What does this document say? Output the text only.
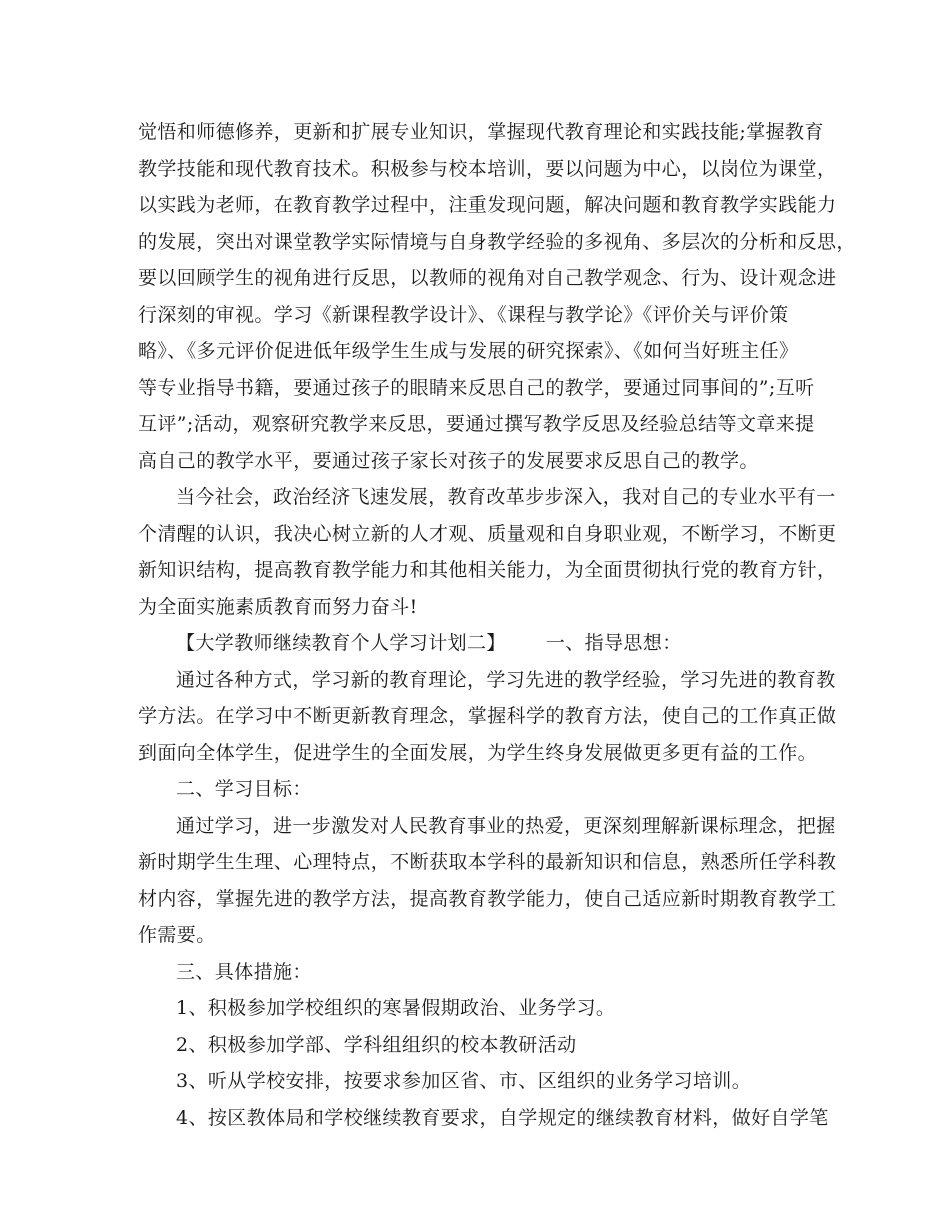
觉悟和师德修养，更新和扩展专业知识，掌握现代教育理论和实践技能;掌握教育
教学技能和现代教育技术。积极参与校本培训，要以问题为中心，以岗位为课堂，
以实践为老师，在教育教学过程中，注重发现问题，解决问题和教育教学实践能力
的发展，突出对课堂教学实际情境与自身教学经验的多视角、多层次的分析和反思，
要以回顾学生的视角进行反思，以教师的视角对自己教学观念、行为、设计观念进
行深刻的审视。学习《新课程教学设计》、《课程与教学论》《评价关与评价策
略》、《多元评价促进低年级学生生成与发展的研究探索》、《如何当好班主任》
等专业指导书籍，要通过孩子的眼睛来反思自己的教学，要通过同事间的”;互听
互评”;活动，观察研究教学来反思，要通过撰写教学反思及经验总结等文章来提
高自己的教学水平，要通过孩子家长对孩子的发展要求反思自己的教学。
当今社会，政治经济飞速发展，教育改革步步深入，我对自己的专业水平有一
个清醒的认识，我决心树立新的人才观、质量观和自身职业观，不断学习，不断更
新知识结构，提高教育教学能力和其他相关能力，为全面贯彻执行党的教育方针，
为全面实施素质教育而努力奋斗!
【大学教师继续教育个人学习计划二】 一、指导思想：
通过各种方式，学习新的教育理论，学习先进的教学经验，学习先进的教育教
学方法。在学习中不断更新教育理念，掌握科学的教育方法，使自己的工作真正做
到面向全体学生，促进学生的全面发展，为学生终身发展做更多更有益的工作。
二、学习目标：
通过学习，进一步激发对人民教育事业的热爱，更深刻理解新课标理念，把握
新时期学生生理、心理特点，不断获取本学科的最新知识和信息，熟悉所任学科教
材内容，掌握先进的教学方法，提高教育教学能力，使自己适应新时期教育教学工
作需要。
三、具体措施：
1、积极参加学校组织的寒暑假期政治、业务学习。
2、积极参加学部、学科组组织的校本教研活动
3、听从学校安排，按要求参加区省、市、区组织的业务学习培训。
4、按区教体局和学校继续教育要求，自学规定的继续教育材料，做好自学笔
